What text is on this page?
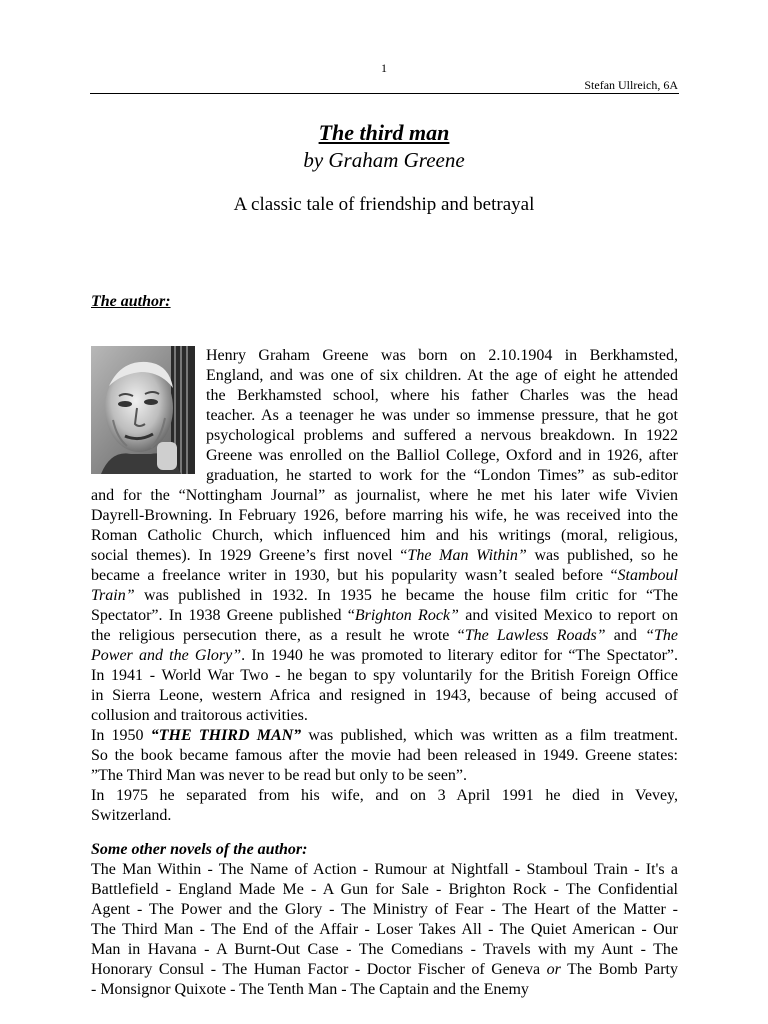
1
Stefan Ullreich, 6A
The third man
by Graham Greene
A classic tale of friendship and betrayal
The author:
Henry Graham Greene was born on 2.10.1904 in Berkhamsted,
England, and was one of six children. At the age of eight he attended
the Berkhamsted school, where his father Charles was the head
teacher. As a teenager he was under so immense pressure, that he got
psychological problems and suffered a nervous breakdown. In 1922
Greene was enrolled on the Balliol College, Oxford and in 1926, after
graduation, he started to work for the “London Times” as sub-editor
and for the “Nottingham Journal” as journalist, where he met his later wife Vivien
Dayrell-Browning. In February 1926, before marring his wife, he was received into the
Roman Catholic Church, which influenced him and his writings (moral, religious,
social themes). In 1929 Greene’s first novel “The Man Within” was published, so he
became a freelance writer in 1930, but his popularity wasn’t sealed before “Stamboul
Train” was published in 1932. In 1935 he became the house film critic for “The
Spectator”. In 1938 Greene published “Brighton Rock” and visited Mexico to report on
the religious persecution there, as a result he wrote “The Lawless Roads” and “The
Power and the Glory”. In 1940 he was promoted to literary editor for “The Spectator”.
In 1941 - World War Two - he began to spy voluntarily for the British Foreign Office
in Sierra Leone, western Africa and resigned in 1943, because of being accused of
collusion and traitorous activities.
In 1950 “THE THIRD MAN” was published, which was written as a film treatment.
So the book became famous after the movie had been released in 1949. Greene states:
”The Third Man was never to be read but only to be seen”.
In 1975 he separated from his wife, and on 3 April 1991 he died in Vevey,
Switzerland.
Some other novels of the author:
The Man Within - The Name of Action - Rumour at Nightfall - Stamboul Train - It's a
Battlefield - England Made Me - A Gun for Sale - Brighton Rock - The Confidential
Agent - The Power and the Glory - The Ministry of Fear - The Heart of the Matter -
The Third Man - The End of the Affair - Loser Takes All - The Quiet American - Our
Man in Havana - A Burnt-Out Case - The Comedians - Travels with my Aunt - The
Honorary Consul - The Human Factor - Doctor Fischer of Geneva or The Bomb Party
- Monsignor Quixote - The Tenth Man - The Captain and the Enemy
